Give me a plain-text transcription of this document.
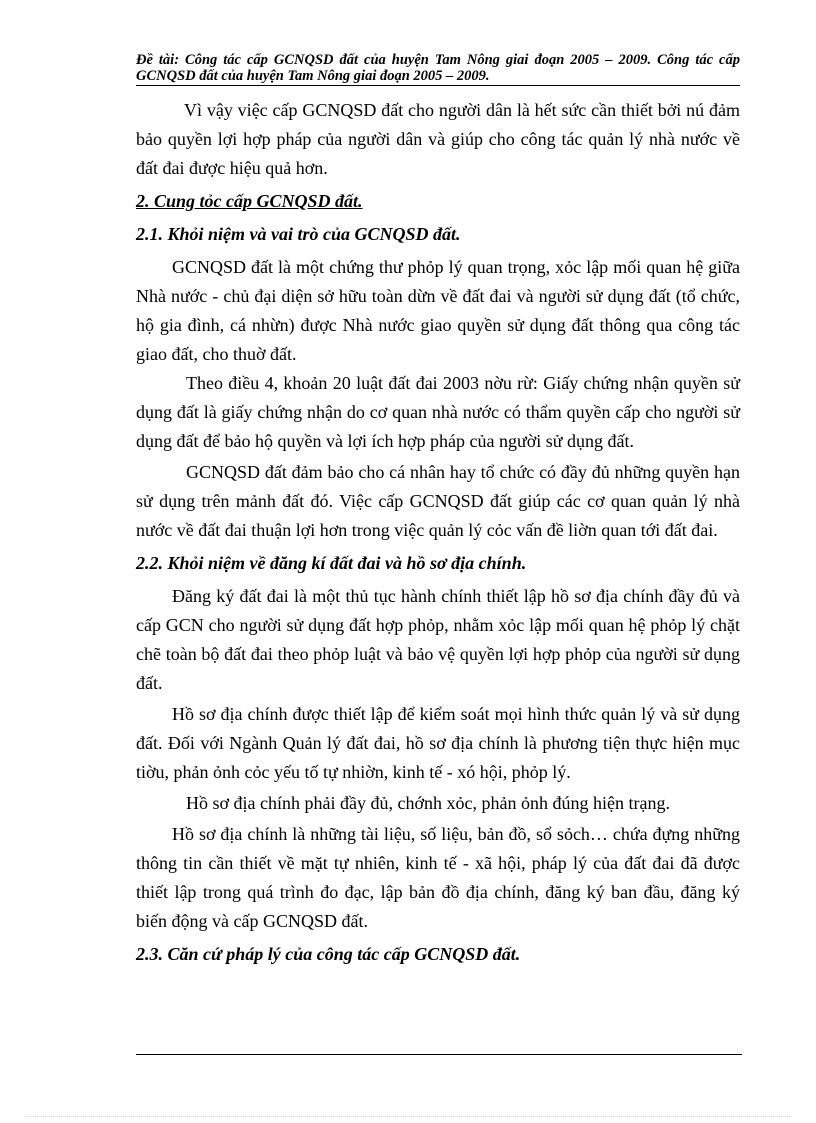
Đề tài: Công tác cấp GCNQSD đất của huyện Tam Nông giai đoạn 2005 – 2009. Công tác cấp GCNQSD đất của huyện Tam Nông giai đoạn 2005 – 2009.

Vì vậy việc cấp GCNQSD đất cho người dân là hết sức cần thiết bởi nú đảm bảo quyền lợi hợp pháp của người dân và giúp cho công tác quản lý nhà nước về đất đai được hiệu quả hơn.

2. Cung tỏc cấp GCNQSD đất.
2.1. Khỏi niệm và vai trò của GCNQSD đất.

GCNQSD đất là một chứng thư phỏp lý quan trọng, xỏc lập mối quan hệ giữa Nhà nước - chủ đại diện sở hữu toàn dừn về đất đai và người sử dụng đất (tổ chức, hộ gia đình, cá nhừn) được Nhà nước giao quyền sử dụng đất thông qua công tác giao đất, cho thuờ đất.

Theo điều 4, khoản 20 luật đất đai 2003 nờu rừ: Giấy chứng nhận quyền sử dụng đất là giấy chứng nhận do cơ quan nhà nước có thẩm quyền cấp cho người sử dụng đất để bảo hộ quyền và lợi ích hợp pháp của người sử dụng đất.

GCNQSD đất đảm bảo cho cá nhân hay tổ chức có đầy đủ những quyền hạn sử dụng trên mảnh đất đó. Việc cấp GCNQSD đất giúp các cơ quan quản lý nhà nước về đất đai thuận lợi hơn trong việc quản lý cỏc vấn đề liờn quan tới đất đai.

2.2. Khỏi niệm về đăng kí đất đai và hồ sơ địa chính.

Đăng ký đất đai là một thủ tục hành chính thiết lập hồ sơ địa chính đầy đủ và cấp GCN cho người sử dụng đất hợp phỏp, nhằm xỏc lập mối quan hệ phỏp lý chặt chẽ toàn bộ đất đai theo phỏp luật và bảo vệ quyền lợi hợp phỏp của người sử dụng đất.

Hồ sơ địa chính được thiết lập để kiểm soát mọi hình thức quản lý và sử dụng đất. Đối với Ngành Quản lý đất đai, hồ sơ địa chính là phương tiện thực hiện mục tiờu, phản ỏnh cỏc yếu tố tự nhiờn, kinh tế - xó hội, phỏp lý.

Hồ sơ địa chính phải đầy đủ, chớnh xỏc, phản ỏnh đúng hiện trạng.

Hồ sơ địa chính là những tài liệu, số liệu, bản đồ, sổ sỏch… chứa đựng những thông tin cần thiết về mặt tự nhiên, kinh tế - xã hội, pháp lý của đất đai đã được thiết lập trong quá trình đo đạc, lập bản đồ địa chính, đăng ký ban đầu, đăng ký biến động và cấp GCNQSD đất.

2.3. Căn cứ pháp lý của công tác cấp GCNQSD đất.
